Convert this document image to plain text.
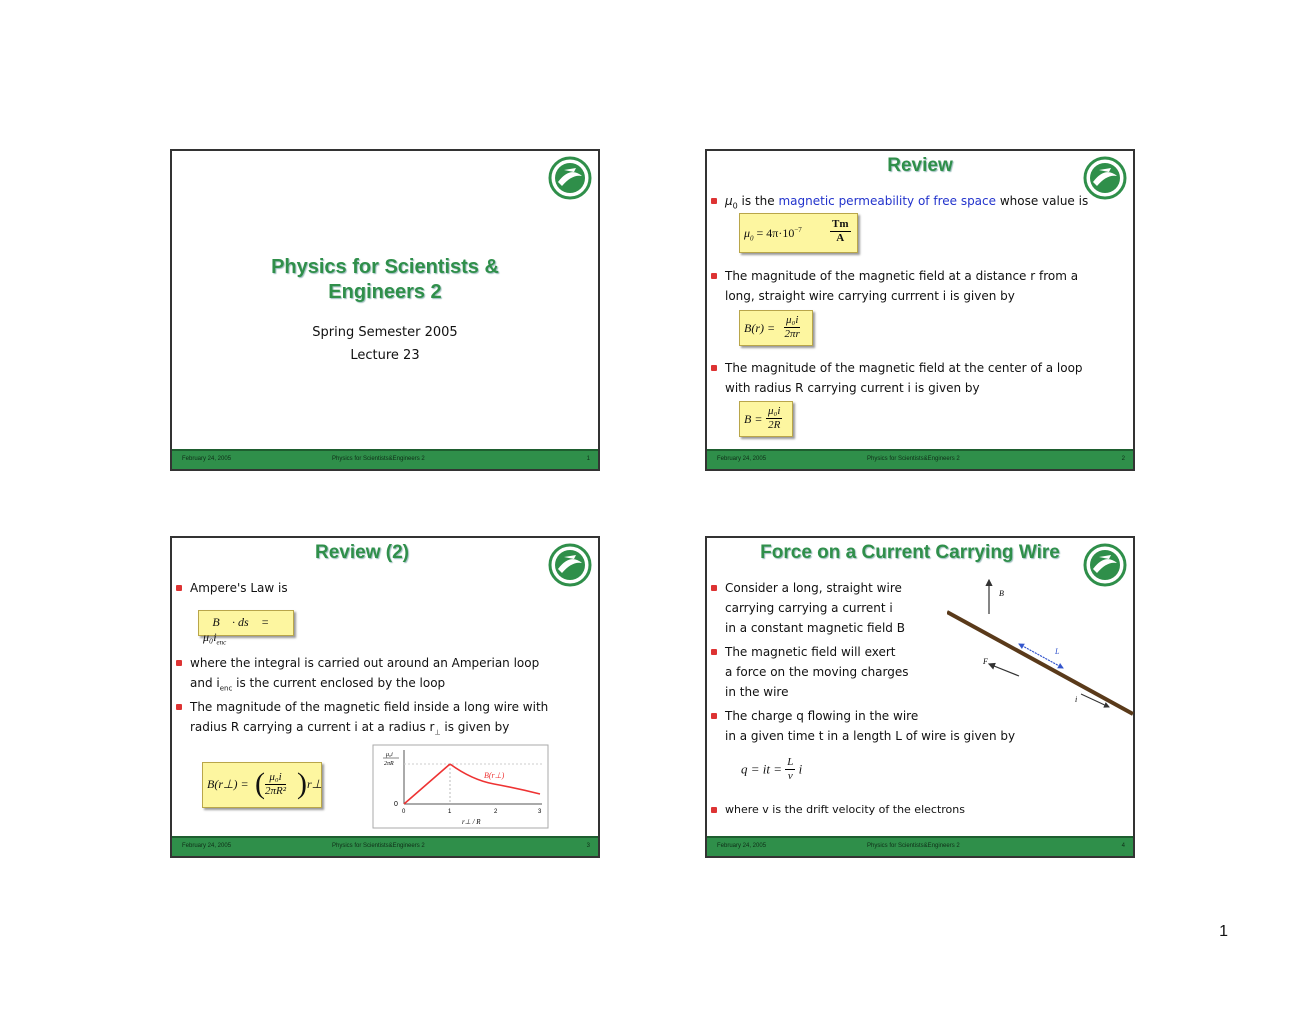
Physics for Scientists &
Engineers 2
Spring Semester 2005
Lecture 23
February 24, 2005	Physics for Scientists&Engineers 2	1
Review
$\mu_0$ is the magnetic permeability of free space whose value is
$\mu_0 = 4\pi\cdot 10^{-7}$	$\frac{Tm}{A}$
The magnitude of the magnetic field at a distance r from a
long, straight wire carrying currrent i is given by
$B(r) = \frac{\text{μ₀i}}{2\pi r}$
The magnitude of the magnetic field at the center of a loop
with radius R carrying current i is given by
$B = \frac{\text{μ₀i}}{2R}$
February 24, 2005	Physics for Scientists&Engineers 2	2
Review (2)
Ampere's Law is
∮B⃗ · ds⃗ = $\mu_0i_{enc}$
where the integral is carried out around an Amperian loop
and $i_{enc}$ is the current enclosed by the loop
The magnitude of the magnetic field inside a long wire with
radius R carrying a current i at a radius $r_\perp$ is given by
B(r⊥) = ( $\frac{\text{μ₀i}}{\text{2πR²}}$ ) r⊥
B(r⊥)
μ₀i
2πR
0
0	1	2	3
r⊥ / R
February 24, 2005	Physics for Scientists&Engineers 2	3
Force on a Current Carrying Wire
Consider a long, straight wire
carrying carrying a current i
in a constant magnetic field B
The magnetic field will exert
a force on the moving charges
in the wire
The charge q flowing in the wire
in a given time t in a length L of wire is given by
q = it = $\frac{L}{v}$ i
where v is the drift velocity of the electrons
B
F
L
i
February 24, 2005	Physics for Scientists&Engineers 2	4
1
